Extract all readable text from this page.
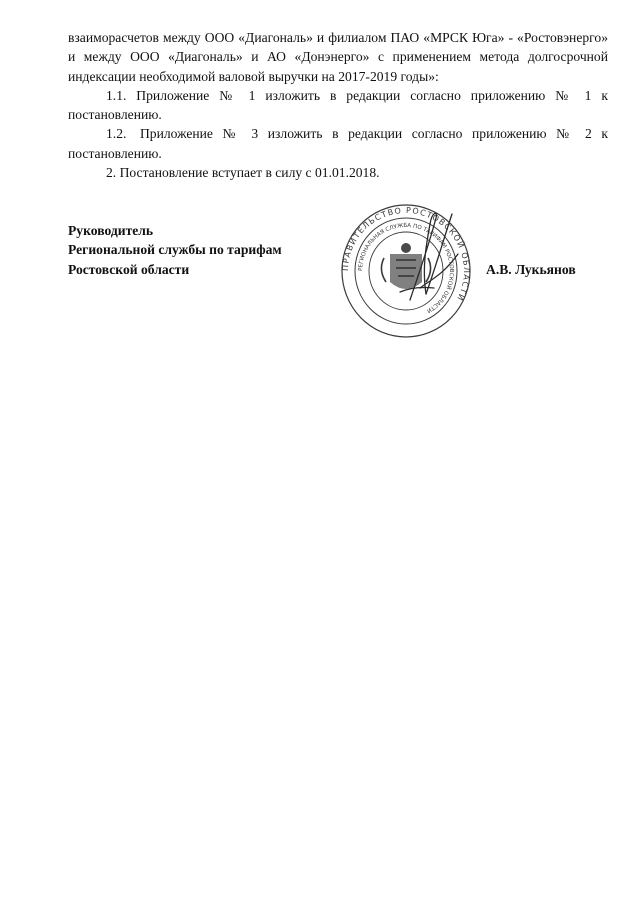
взаиморасчетов между ООО «Диагональ» и филиалом ПАО «МРСК Юга» - «Ростовэнерго» и между ООО «Диагональ» и АО «Донэнерго» с применением метода долгосрочной индексации необходимой валовой выручки на 2017-2019 годы»:

1.1. Приложение № 1 изложить в редакции согласно приложению № 1 к постановлению.

1.2. Приложение № 3 изложить в редакции согласно приложению № 2 к постановлению.

2. Постановление вступает в силу с 01.01.2018.

Руководитель
Региональной службы по тарифам
Ростовской области	А.В. Лукьянов
ПРАВИТЕЛЬСТВО РОСТОВСКОЙ ОБЛАСТИ
РЕГИОНАЛЬНАЯ СЛУЖБА ПО ТАРИФАМ РОСТОВСКОЙ ОБЛАСТИ
